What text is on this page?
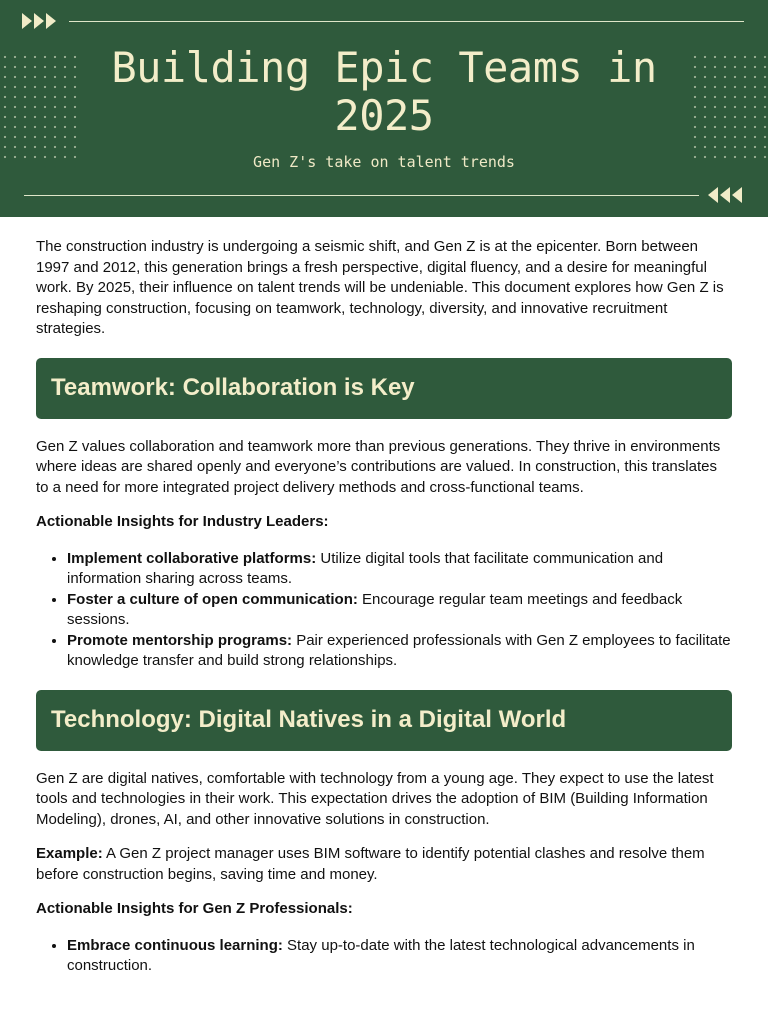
Building Epic Teams in
2025

Gen Z's take on talent trends

The construction industry is undergoing a seismic shift, and Gen Z is at the epicenter. Born between 1997 and 2012, this generation brings a fresh perspective, digital fluency, and a desire for meaningful work. By 2025, their influence on talent trends will be undeniable. This document explores how Gen Z is reshaping construction, focusing on teamwork, technology, diversity, and innovative recruitment strategies.

Teamwork: Collaboration is Key

Gen Z values collaboration and teamwork more than previous generations. They thrive in environments where ideas are shared openly and everyone’s contributions are valued. In construction, this translates to a need for more integrated project delivery methods and cross-functional teams.

Actionable Insights for Industry Leaders:

• Implement collaborative platforms: Utilize digital tools that facilitate communication and information sharing across teams.
• Foster a culture of open communication: Encourage regular team meetings and feedback sessions.
• Promote mentorship programs: Pair experienced professionals with Gen Z employees to facilitate knowledge transfer and build strong relationships.
Technology: Digital Natives in a Digital World

Gen Z are digital natives, comfortable with technology from a young age. They expect to use the latest tools and technologies in their work. This expectation drives the adoption of BIM (Building Information Modeling), drones, AI, and other innovative solutions in construction.

Example: A Gen Z project manager uses BIM software to identify potential clashes and resolve them before construction begins, saving time and money.

Actionable Insights for Gen Z Professionals:

• Embrace continuous learning: Stay up-to-date with the latest technological advancements in construction.
